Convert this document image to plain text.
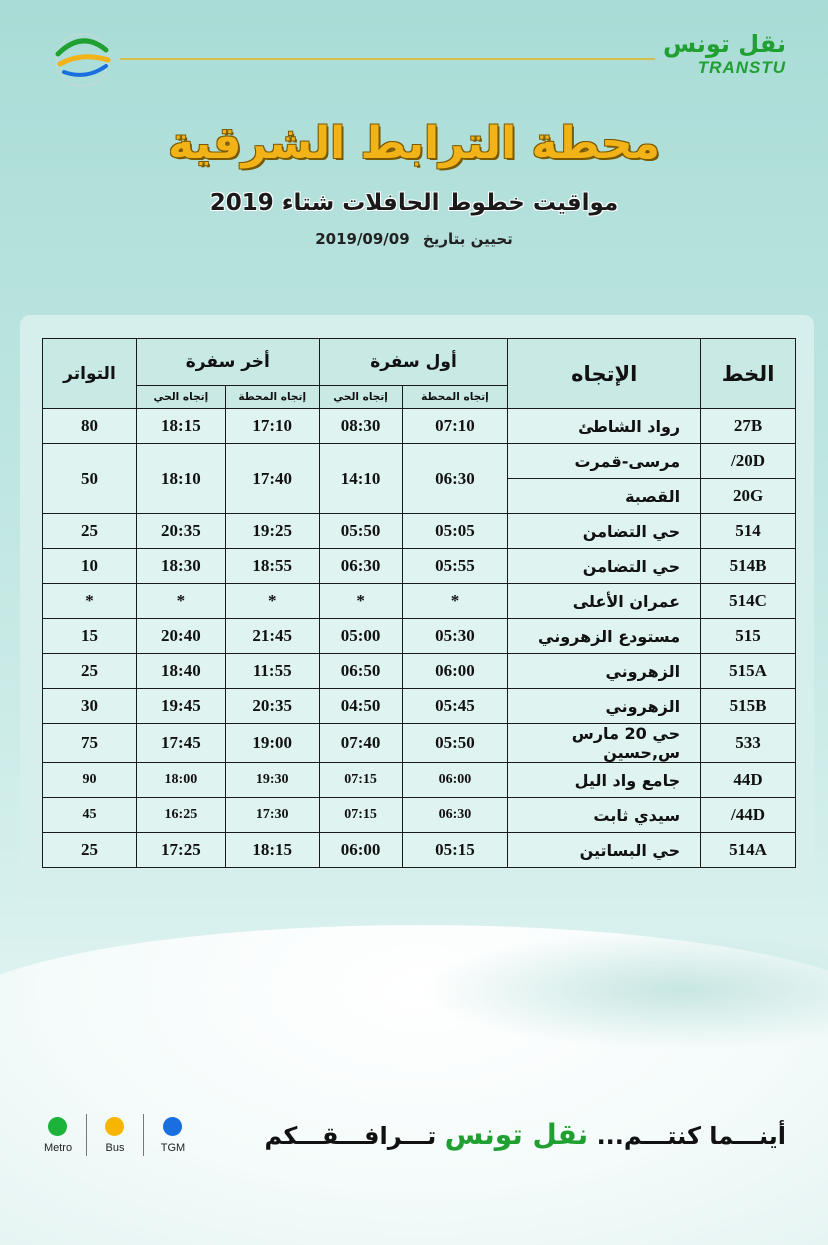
نقل تونس
TRANSTU
محطة الترابط الشرقية
مواقيت خطوط الحافلات شتاء 2019
تحيين بتاريخ 2019/09/09
الخط	الإتجاه	أول سفرة		أخر سفرة		التواتر
		إتجاه المحطة	إتجاه الحي	إتجاه المحطة	إتجاه الحي	
27B	رواد الشاطئ	07:10	08:30	17:10	18:15	80
20D/	مرسى-قمرت	06:30	14:10	17:40	18:10	50
20G	القصبة					
514	حي التضامن	05:05	05:50	19:25	20:35	25
514B	حي التضامن	05:55	06:30	18:55	18:30	10
514C	عمران الأعلى	*	*	*	*	*
515	مستودع الزهروني	05:30	05:00	21:45	20:40	15
515A	الزهروني	06:00	06:50	11:55	18:40	25
515B	الزهروني	05:45	04:50	20:35	19:45	30
533	حي 20 مارس س,حسين	05:50	07:40	19:00	17:45	75
44D	جامع واد اليل	06:00	07:15	19:30	18:00	90
44D/	سيدي ثابت	06:30	07:15	17:30	16:25	45
514A	حي البساتين	05:15	06:00	18:15	17:25	25
Metro	Bus	TGM	أينـــما كنتـــم... نقل تونس تـــرافـــقـــكم
